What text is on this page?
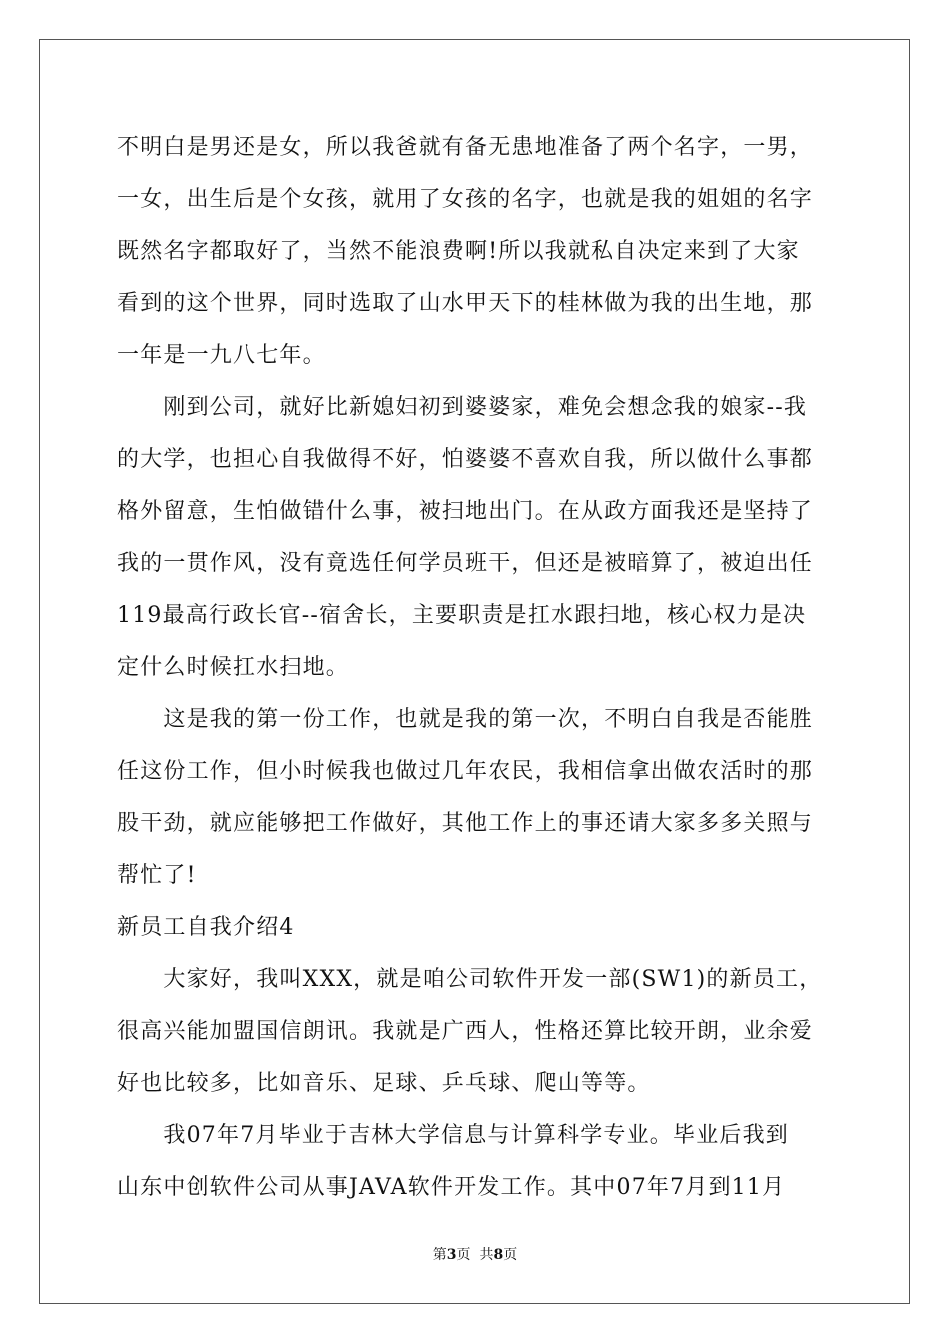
不明白是男还是女，所以我爸就有备无患地准备了两个名字，一男，
一女，出生后是个女孩，就用了女孩的名字，也就是我的姐姐的名字
既然名字都取好了，当然不能浪费啊!所以我就私自决定来到了大家
看到的这个世界，同时选取了山水甲天下的桂林做为我的出生地，那
一年是一九八七年。
　　刚到公司，就好比新媳妇初到婆婆家，难免会想念我的娘家--我
的大学，也担心自我做得不好，怕婆婆不喜欢自我，所以做什么事都
格外留意，生怕做错什么事，被扫地出门。在从政方面我还是坚持了
我的一贯作风，没有竟选任何学员班干，但还是被暗算了，被迫出任
119最高行政长官--宿舍长，主要职责是扛水跟扫地，核心权力是决
定什么时候扛水扫地。
　　这是我的第一份工作，也就是我的第一次，不明白自我是否能胜
任这份工作，但小时候我也做过几年农民，我相信拿出做农活时的那
股干劲，就应能够把工作做好，其他工作上的事还请大家多多关照与
帮忙了!
新员工自我介绍4
　　大家好，我叫XXX，就是咱公司软件开发一部(SW1)的新员工，
很高兴能加盟国信朗讯。我就是广西人，性格还算比较开朗，业余爱
好也比较多，比如音乐、足球、乒乓球、爬山等等。
　　我07年7月毕业于吉林大学信息与计算科学专业。毕业后我到
山东中创软件公司从事JAVA软件开发工作。其中07年7月到11月
第3页  共8页
